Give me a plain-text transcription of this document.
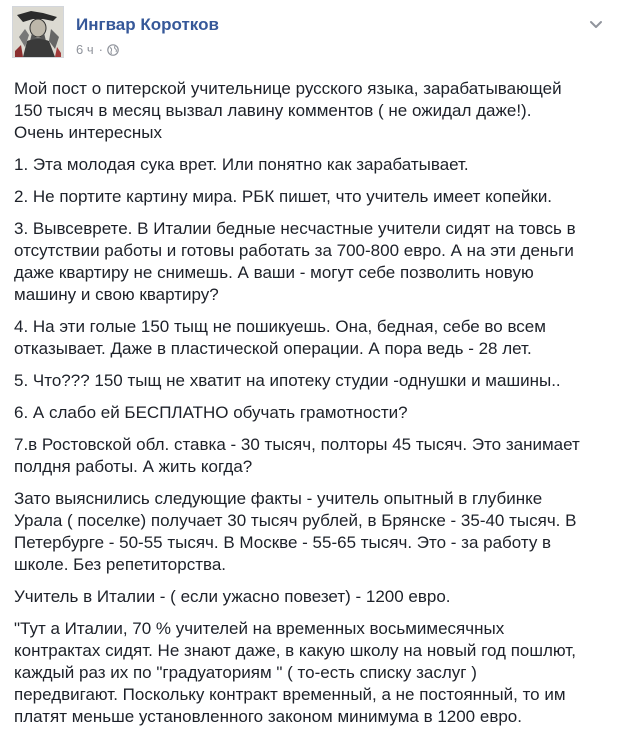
Ингвар Коротков
6 ч ·

Мой пост о питерской учительнице русского языка, зарабатывающей
150 тысяч в месяц вызвал лавину комментов ( не ожидал даже!).
Очень интересных

1. Эта молодая сука врет. Или понятно как зарабатывает.

2. Не портите картину мира. РБК пишет, что учитель имеет копейки.

3. Вывсеврете. В Италии бедные несчастные учители сидят на товсь в
отсутствии работы и готовы работать за 700-800 евро. А на эти деньги
даже квартиру не снимешь. А ваши - могут себе позволить новую
машину и свою квартиру?

4. На эти голые 150 тыщ не пошикуешь. Она, бедная, себе во всем
отказывает. Даже в пластической операции. А пора ведь - 28 лет.

5. Что??? 150 тыщ не хватит на ипотеку студии -однушки и машины..

6. А слабо ей БЕСПЛАТНО обучать грамотности?

7.в Ростовской обл. ставка - 30 тысяч, полторы 45 тысяч. Это занимает
полдня работы. А жить когда?

Зато выяснились следующие факты - учитель опытный в глубинке
Урала ( поселке) получает 30 тысяч рублей, в Брянске - 35-40 тысяч. В
Петербурге - 50-55 тысяч. В Москве - 55-65 тысяч. Это - за работу в
школе. Без репетиторства.

Учитель в Италии - ( если ужасно повезет) - 1200 евро.

"Тут а Италии, 70 % учителей на временных восьмимесячных
контрактах сидят. Не знают даже, в какую школу на новый год пошлют,
каждый раз их по "градуаториям " ( то-есть списку заслуг )
передвигают. Поскольку контракт временный, а не постоянный, то им
платят меньше установленного законом минимума в 1200 евро.
